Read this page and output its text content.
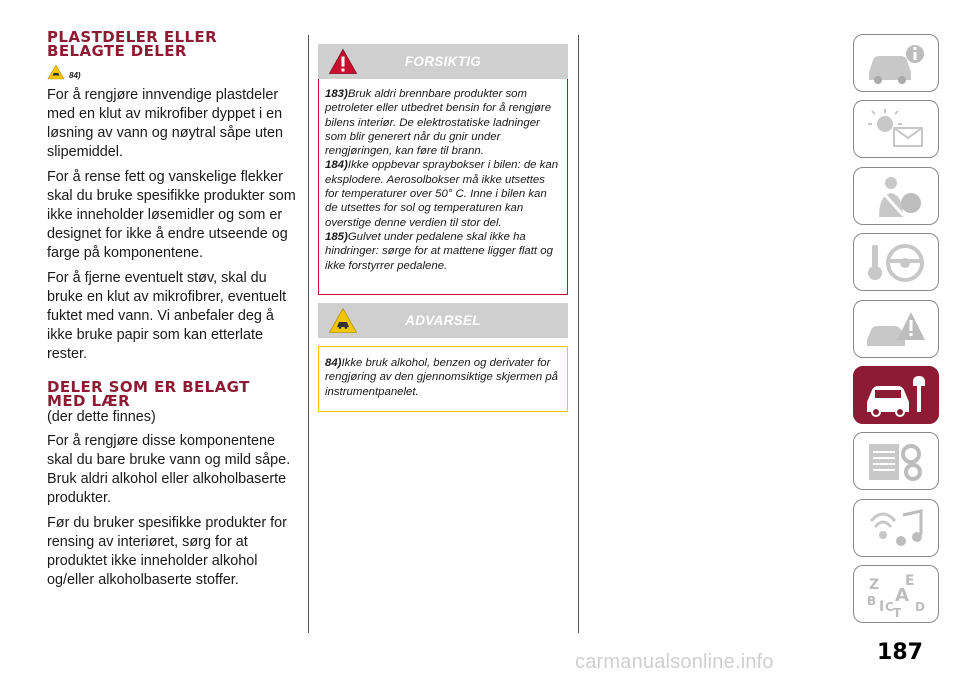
PLASTDELER ELLER
BELAGTE DELER
84)

For å rengjøre innvendige plastdeler med en klut av mikrofiber dyppet i en løsning av vann og nøytral såpe uten slipemiddel.

For å rense fett og vanskelige flekker skal du bruke spesifikke produkter som ikke inneholder løsemidler og som er designet for ikke å endre utseende og farge på komponentene.

For å fjerne eventuelt støv, skal du bruke en klut av mikrofibrer, eventuelt fuktet med vann. Vi anbefaler deg å ikke bruke papir som kan etterlate rester.

DELER SOM ER BELAGT
MED LÆR

(der dette finnes)

For å rengjøre disse komponentene skal du bare bruke vann og mild såpe. Bruk aldri alkohol eller alkoholbaserte produkter.

Før du bruker spesifikke produkter for rensing av interiøret, sørg for at produktet ikke inneholder alkohol og/eller alkoholbaserte stoffer.

FORSIKTIG

183)Bruk aldri brennbare produkter som petroleter eller utbedret bensin for å rengjøre bilens interiør. De elektrostatiske ladninger som blir generert når du gnir under rengjøringen, kan føre til brann.

184)Ikke oppbevar spraybokser i bilen: de kan eksplodere. Aerosolbokser må ikke utsettes for temperaturer over 50° C. Inne i bilen kan de utsettes for sol og temperaturen kan overstige denne verdien til stor del.

185)Gulvet under pedalene skal ikke ha hindringer: sørge for at mattene ligger flatt og ikke forstyrrer pedalene.

ADVARSEL

84)Ikke bruk alkohol, benzen og derivater for rengjøring av den gjennomsiktige skjermen på instrumentpanelet.

Z E
B A
I C D
T
187
carmanualsonline.info
